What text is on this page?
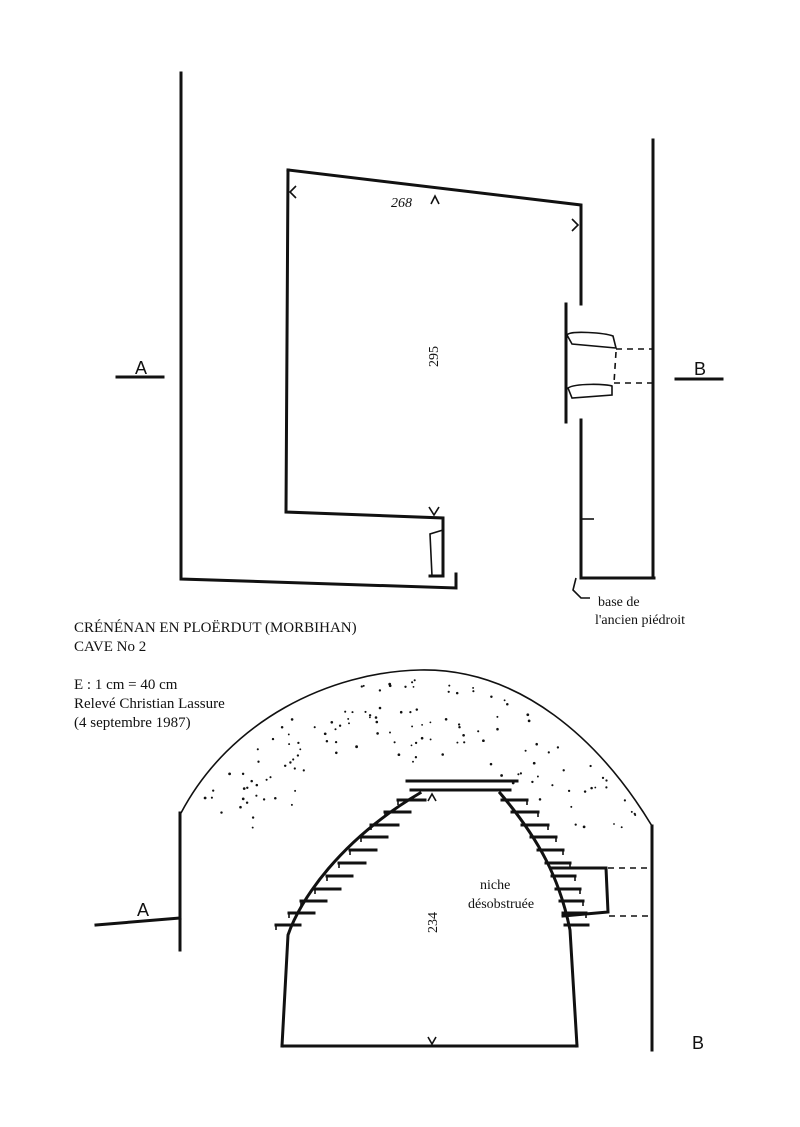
A	B
268
295
base de
l'ancien piédroit
CRÉNÉNAN EN PLOËRDUT (MORBIHAN)
CAVE No 2
E : 1 cm = 40 cm
Relevé Christian Lassure
(4 septembre 1987)
A
B
234
niche
désobstruée
